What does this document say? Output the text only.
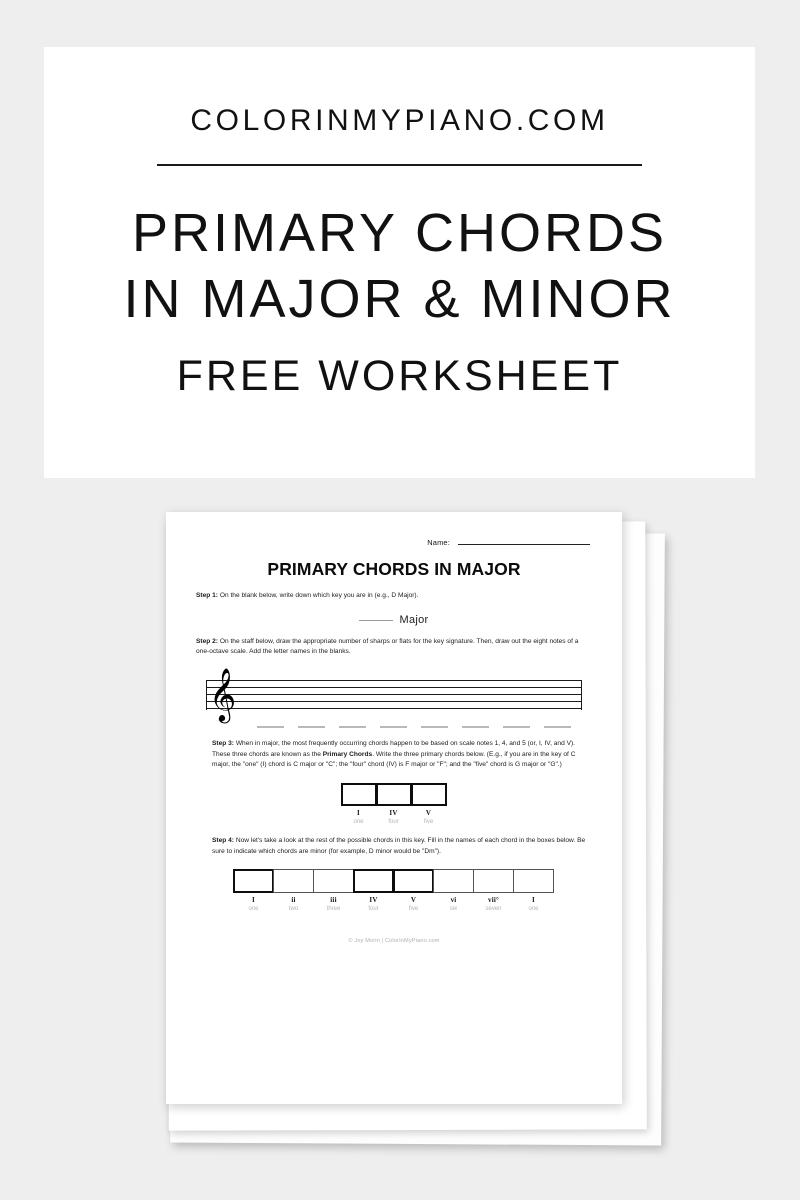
COLORINMYPIANO.COM
PRIMARY CHORDS
IN MAJOR & MINOR
FREE WORKSHEET
Name:
PRIMARY CHORDS IN MAJOR
Step 1: On the blank below, write down which key you are in (e.g., D Major).
Major
Step 2: On the staff below, draw the appropriate number of sharps or flats for the key signature. Then, draw out the eight notes of a one-octave scale. Add the letter names in the blanks.
𝄞
Step 3: When in major, the most frequently occurring chords happen to be based on scale notes 1, 4, and 5 (or, I, IV, and V). These three chords are known as the Primary Chords. Write the three primary chords below. (E.g., if you are in the key of C major, the "one" (I) chord is C major or "C"; the "four" chord (IV) is F major or "F"; and the "five" chord is G major or "G".)
I
one
IV
four
V
five
Step 4: Now let's take a look at the rest of the possible chords in this key. Fill in the names of each chord in the boxes below. Be sure to indicate which chords are minor (for example, D minor would be "Dm").
I
one
ii
two
iii
three
IV
four
V
five
vi
six
vii°
seven
I
one
© Joy Morin | ColorInMyPiano.com
